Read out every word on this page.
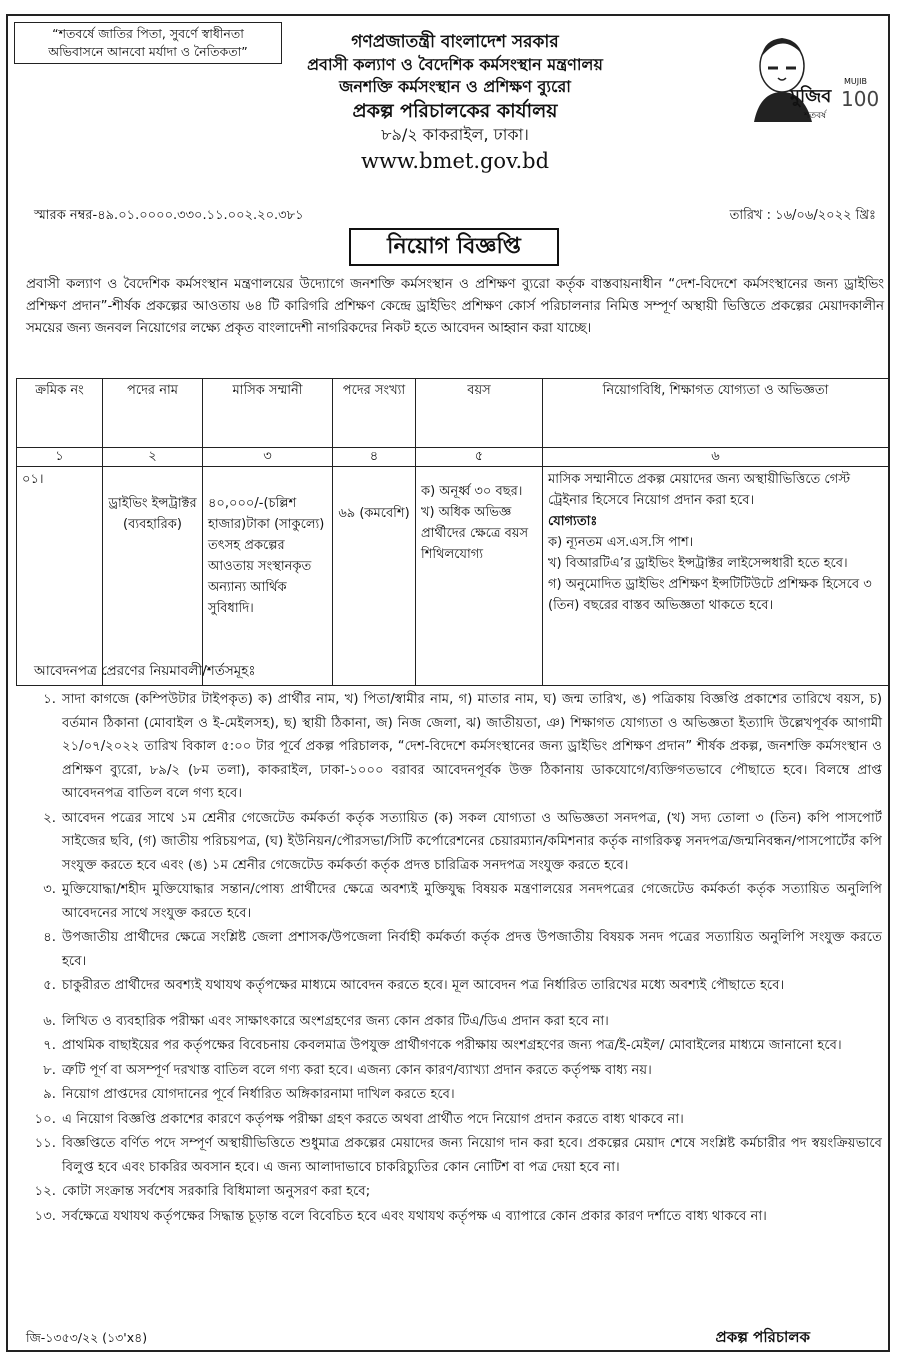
“শতবর্ষে জাতির পিতা, সুবর্ণে স্বাধীনতা
অভিবাসনে আনবো মর্যাদা ও নৈতিকতা”	গণপ্রজাতন্ত্রী বাংলাদেশ সরকার
প্রবাসী কল্যাণ ও বৈদেশিক কর্মসংস্থান মন্ত্রণালয়
জনশক্তি কর্মসংস্থান ও প্রশিক্ষণ ব্যুরো
প্রকল্প পরিচালকের কার্যালয়
৮৯/২ কাকরাইল, ঢাকা।
www.bmet.gov.bd
মুজিব
MUJIB
100
শতবর্ষ
স্মারক নম্বর-৪৯.০১.০০০০.৩৩০.১১.০০২.২০.৩৮১	তারিখ : ১৬/০৬/২০২২ খ্রিঃ
নিয়োগ বিজ্ঞপ্তি
প্রবাসী কল্যাণ ও বৈদেশিক কর্মসংস্থান মন্ত্রণালয়ের উদ্যোগে জনশক্তি কর্মসংস্থান ও প্রশিক্ষণ ব্যুরো কর্তৃক বাস্তবায়নাধীন “দেশ-বিদেশে কর্মসংস্থানের জন্য ড্রাইভিং প্রশিক্ষণ প্রদান”-শীর্ষক প্রকল্পের আওতায় ৬৪ টি কারিগরি প্রশিক্ষণ কেন্দ্রে ড্রাইভিং প্রশিক্ষণ কোর্স পরিচালনার নিমিত্ত সম্পূর্ণ অস্থায়ী ভিত্তিতে প্রকল্পের মেয়াদকালীন সময়ের জন্য জনবল নিয়োগের লক্ষ্যে প্রকৃত বাংলাদেশী নাগরিকদের নিকট হতে আবেদন আহ্বান করা যাচ্ছে।
ক্রমিক নং	পদের নাম	মাসিক সম্মানী	পদের সংখ্যা	বয়স	নিয়োগবিধি, শিক্ষাগত যোগ্যতা ও অভিজ্ঞতা
১	২	৩	৪	৫	৬
০১।	ড্রাইভিং ইন্সট্রাক্টর (ব্যবহারিক)	৪০,০০০/-(চল্লিশ হাজার)টাকা (সাকুল্যে) তৎসহ প্রকল্পের আওতায় সংস্থানকৃত অন্যান্য আর্থিক সুবিধাদি।	৬৯ (কমবেশি)	ক) অনূর্ধ্ব ৩০ বছর। খ) অধিক অভিজ্ঞ প্রার্থীদের ক্ষেত্রে বয়স শিথিলযোগ্য	মাসিক সম্মানীতে প্রকল্প মেয়াদের জন্য অস্থায়ীভিত্তিতে গেস্ট ট্রেইনার হিসেবে নিয়োগ প্রদান করা হবে।
যোগ্যতাঃ
ক) ন্যূনতম এস.এস.সি পাশ।
খ) বিআরটিএ’র ড্রাইভিং ইন্সট্রাক্টর লাইসেন্সধারী হতে হবে।
গ) অনুমোদিত ড্রাইভিং প্রশিক্ষণ ইন্সটিটিউটে প্রশিক্ষক হিসেবে ৩ (তিন) বছরের বাস্তব অভিজ্ঞতা থাকতে হবে।
আবেদনপত্র প্রেরণের নিয়মাবলী/শর্তসমূহঃ
১. সাদা কাগজে (কম্পিউটার টাইপকৃত) ক) প্রার্থীর নাম, খ) পিতা/স্বামীর নাম, গ) মাতার নাম, ঘ) জন্ম তারিখ, ঙ) পত্রিকায় বিজ্ঞপ্তি প্রকাশের তারিখে বয়স, চ) বর্তমান ঠিকানা (মোবাইল ও ই-মেইলসহ), ছ) স্থায়ী ঠিকানা, জ) নিজ জেলা, ঝ) জাতীয়তা, ঞ) শিক্ষাগত যোগ্যতা ও অভিজ্ঞতা ইত্যাদি উল্লেখপূর্বক আগামী ২১/০৭/২০২২ তারিখ বিকাল ৫:০০ টার পূর্বে প্রকল্প পরিচালক, “দেশ-বিদেশে কর্মসংস্থানের জন্য ড্রাইভিং প্রশিক্ষণ প্রদান” শীর্ষক প্রকল্প, জনশক্তি কর্মসংস্থান ও প্রশিক্ষণ ব্যুরো, ৮৯/২ (৮ম তলা), কাকরাইল, ঢাকা-১০০০ বরাবর আবেদনপূর্বক উক্ত ঠিকানায় ডাকযোগে/ব্যক্তিগতভাবে পৌছাতে হবে। বিলম্বে প্রাপ্ত আবেদনপত্র বাতিল বলে গণ্য হবে।
২. আবেদন পত্রের সাথে ১ম শ্রেনীর গেজেটেড কর্মকর্তা কর্তৃক সত্যায়িত (ক) সকল যোগ্যতা ও অভিজ্ঞতা সনদপত্র, (খ) সদ্য তোলা ৩ (তিন) কপি পাসপোর্ট সাইজের ছবি, (গ) জাতীয় পরিচয়পত্র, (ঘ) ইউনিয়ন/পৌরসভা/সিটি কর্পোরেশনের চেয়ারম্যান/কমিশনার কর্তৃক নাগরিকত্ব সনদপত্র/জন্মনিবন্ধন/পাসপোর্টের কপি সংযুক্ত করতে হবে এবং (ঙ) ১ম শ্রেনীর গেজেটেড কর্মকর্তা কর্তৃক প্রদত্ত চারিত্রিক সনদপত্র সংযুক্ত করতে হবে।
৩. মুক্তিযোদ্ধা/শহীদ মুক্তিযোদ্ধার সন্তান/পোষ্য প্রার্থীদের ক্ষেত্রে অবশ্যই মুক্তিযুদ্ধ বিষয়ক মন্ত্রণালয়ের সনদপত্রের গেজেটেড কর্মকর্তা কর্তৃক সত্যায়িত অনুলিপি আবেদনের সাথে সংযুক্ত করতে হবে।
৪. উপজাতীয় প্রার্থীদের ক্ষেত্রে সংশ্লিষ্ট জেলা প্রশাসক/উপজেলা নির্বাহী কর্মকর্তা কর্তৃক প্রদত্ত উপজাতীয় বিষয়ক সনদ পত্রের সত্যায়িত অনুলিপি সংযুক্ত করতে হবে।
৫. চাকুরীরত প্রার্থীদের অবশ্যই যথাযথ কর্তৃপক্ষের মাধ্যমে আবেদন করতে হবে। মূল আবেদন পত্র নির্ধারিত তারিখের মধ্যে অবশ্যই পৌছাতে হবে।
৬. লিখিত ও ব্যবহারিক পরীক্ষা এবং সাক্ষাৎকারে অংশগ্রহণের জন্য কোন প্রকার টিএ/ডিএ প্রদান করা হবে না।
৭. প্রাথমিক বাছাইয়ের পর কর্তৃপক্ষের বিবেচনায় কেবলমাত্র উপযুক্ত প্রার্থীগণকে পরীক্ষায় অংশগ্রহণের জন্য পত্র/ই-মেইল/ মোবাইলের মাধ্যমে জানানো হবে।
৮. ত্রুটি পূর্ণ বা অসম্পূর্ণ দরখাস্ত বাতিল বলে গণ্য করা হবে। এজন্য কোন কারণ/ব্যাখ্যা প্রদান করতে কর্তৃপক্ষ বাধ্য নয়।
৯. নিয়োগ প্রাপ্তদের যোগদানের পূর্বে নির্ধারিত অঙ্গিকারনামা দাখিল করতে হবে।
১০. এ নিয়োগ বিজ্ঞপ্তি প্রকাশের কারণে কর্তৃপক্ষ পরীক্ষা গ্রহণ করতে অথবা প্রার্থীত পদে নিয়োগ প্রদান করতে বাধ্য থাকবে না।
১১. বিজ্ঞপ্তিতে বর্ণিত পদে সম্পূর্ণ অস্থায়ীভিত্তিতে শুধুমাত্র প্রকল্পের মেয়াদের জন্য নিয়োগ দান করা হবে। প্রকল্পের মেয়াদ শেষে সংশ্লিষ্ট কর্মচারীর পদ স্বয়ংক্রিয়ভাবে বিলুপ্ত হবে এবং চাকরির অবসান হবে। এ জন্য আলাদাভাবে চাকরিচ্যুতির কোন নোটিশ বা পত্র দেয়া হবে না।
১২. কোটা সংক্রান্ত সর্বশেষ সরকারি বিধিমালা অনুসরণ করা হবে;
১৩. সর্বক্ষেত্রে যথাযথ কর্তৃপক্ষের সিদ্ধান্ত চূড়ান্ত বলে বিবেচিত হবে এবং যথাযথ কর্তৃপক্ষ এ ব্যাপারে কোন প্রকার কারণ দর্শাতে বাধ্য থাকবে না।
জি-১৩৫৩/২২ (১৩'x৪)	প্রকল্প পরিচালক
